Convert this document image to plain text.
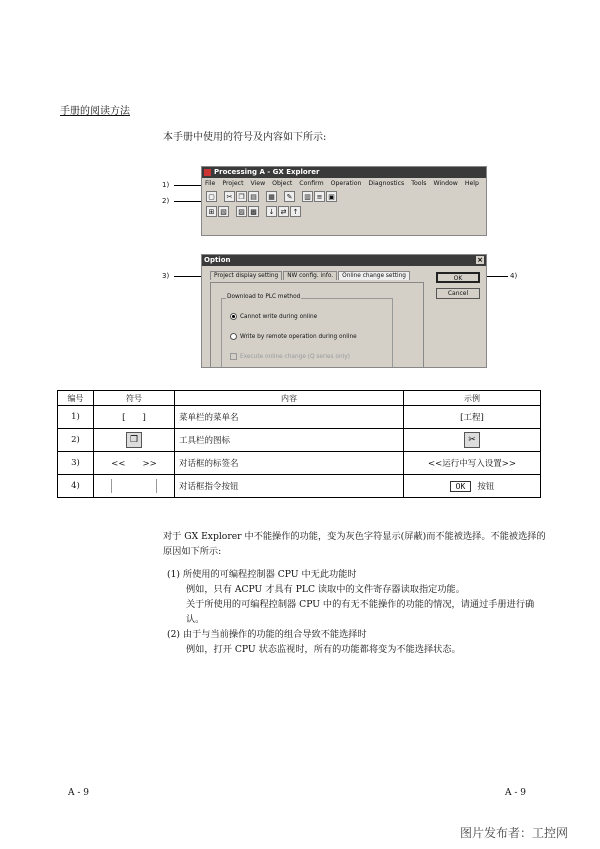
手册的阅读方法
本手册中使用的符号及内容如下所示:
1)
2)
Processing A - GX Explorer
File Project View Object Confirm Operation Diagnostics Tools Window Help
▢	✂ ❐ ▤	▦	✎	▥ ≡ ▣
⊞ ▧	▨ ▩	↓ ⇄ ↑
3)	4)
Option	×
Project display setting	NW config. info.	Online change setting
Download to PLC method
Cannot write during online
Write by remote operation during online
Execute online change (Q series only)
OK
Cancel
编号	符号	内容	示例
1)	[　　]	菜单栏的菜单名	[工程]
2)	❐	工具栏的图标	✂
3)	<<　　>>	对话框的标签名	<<运行中写入设置>>
4)		对话框指令按钮	OK 按钮
对于 GX Explorer 中不能操作的功能，变为灰色字符显示(屏蔽)而不能被选择。不能被选择的原因如下所示:
(1) 所使用的可编程控制器 CPU 中无此功能时
例如，只有 ACPU 才具有 PLC 读取中的文件寄存器读取指定功能。
关于所使用的可编程控制器 CPU 中的有无不能操作的功能的情况，请通过手册进行确认。
(2) 由于与当前操作的功能的组合导致不能选择时
例如，打开 CPU 状态监视时，所有的功能都将变为不能选择状态。
A - 9	A - 9
图片发布者：工控网
